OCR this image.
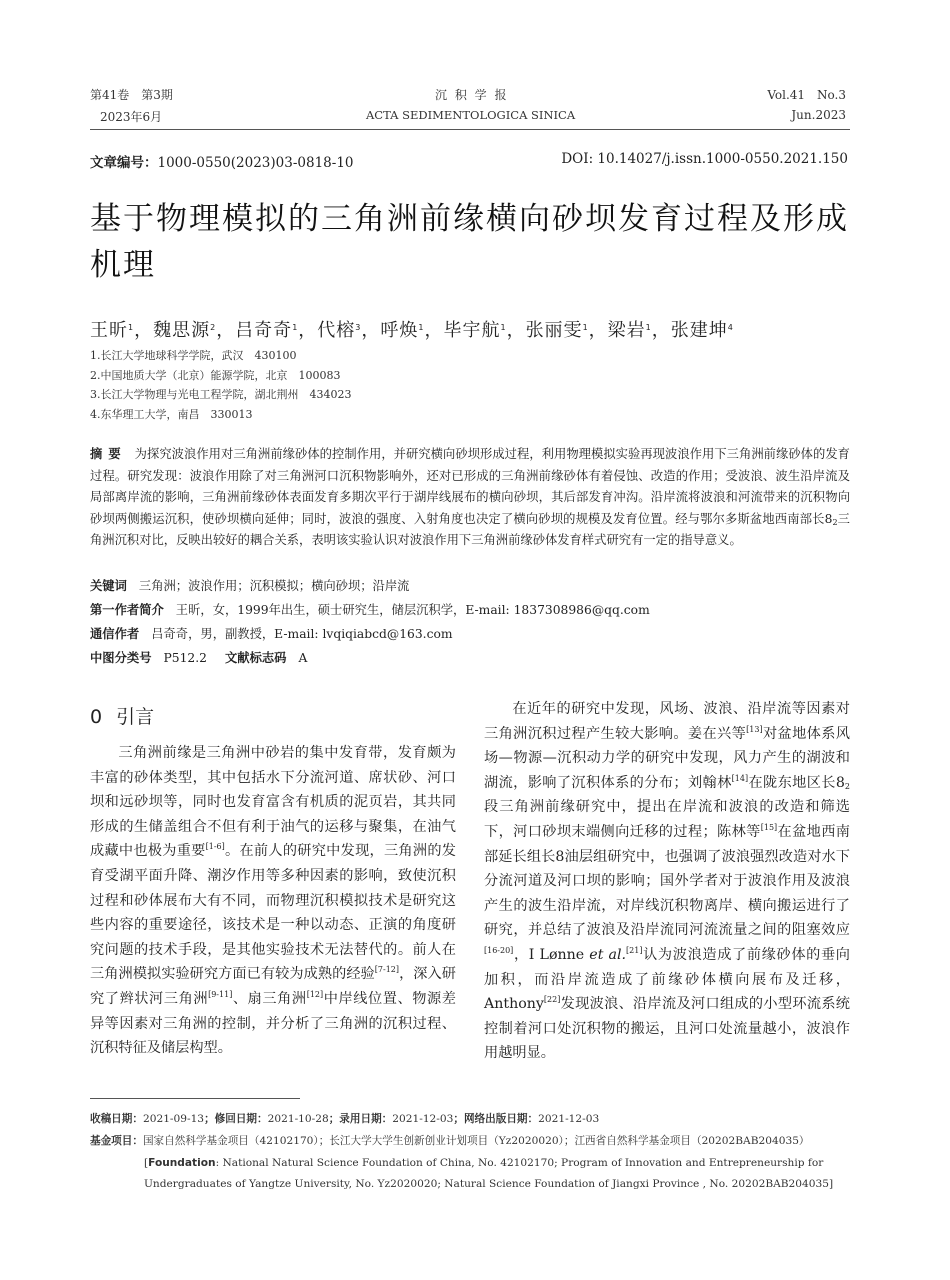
第41卷　第3期
2023年6月
沉 积 学 报
ACTA SEDIMENTOLOGICA SINICA
Vol.41　No.3
Jun.2023
文章编号：1000-0550(2023)03-0818-10	DOI: 10.14027/j.issn.1000-0550.2021.150
基于物理模拟的三角洲前缘横向砂坝发育过程及形成机理
王昕$^1$，魏思源$^2$，吕奇奇$^1$，代榕$^3$，呼焕$^1$，毕宇航$^1$，张丽雯$^1$，梁岩$^1$，张建坤$^4$
1.长江大学地球科学学院，武汉　430100
2.中国地质大学（北京）能源学院，北京　100083
3.长江大学物理与光电工程学院，湖北荆州　434023
4.东华理工大学，南昌　330013
摘要 为探究波浪作用对三角洲前缘砂体的控制作用，并研究横向砂坝形成过程，利用物理模拟实验再现波浪作用下三角洲前缘砂体的发育过程。研究发现：波浪作用除了对三角洲河口沉积物影响外，还对已形成的三角洲前缘砂体有着侵蚀、改造的作用；受波浪、波生沿岸流及局部离岸流的影响，三角洲前缘砂体表面发育多期次平行于湖岸线展布的横向砂坝，其后部发育冲沟。沿岸流将波浪和河流带来的沉积物向砂坝两侧搬运沉积，使砂坝横向延伸；同时，波浪的强度、入射角度也决定了横向砂坝的规模及发育位置。经与鄂尔多斯盆地西南部长$8_2$三角洲沉积对比，反映出较好的耦合关系，表明该实验认识对波浪作用下三角洲前缘砂体发育样式研究有一定的指导意义。
关键词 三角洲；波浪作用；沉积模拟；横向砂坝；沿岸流
第一作者简介 王昕，女，1999年出生，硕士研究生，储层沉积学，E-mail: 1837308986@qq.com
通信作者 吕奇奇，男，副教授，E-mail: lvqiqiabcd@163.com
中图分类号 P512.2 文献标志码 A
0 引言

三角洲前缘是三角洲中砂岩的集中发育带，发育颇为丰富的砂体类型，其中包括水下分流河道、席状砂、河口坝和远砂坝等，同时也发育富含有机质的泥页岩，其共同形成的生储盖组合不但有利于油气的运移与聚集，在油气成藏中也极为重要[1-6]。在前人的研究中发现，三角洲的发育受湖平面升降、潮汐作用等多种因素的影响，致使沉积过程和砂体展布大有不同，而物理沉积模拟技术是研究这些内容的重要途径，该技术是一种以动态、正演的角度研究问题的技术手段，是其他实验技术无法替代的。前人在三角洲模拟实验研究方面已有较为成熟的经验[7-12]，深入研究了辫状河三角洲[9-11]、扇三角洲[12]中岸线位置、物源差异等因素对三角洲的控制，并分析了三角洲的沉积过程、沉积特征及储层构型。

在近年的研究中发现，风场、波浪、沿岸流等因素对三角洲沉积过程产生较大影响。姜在兴等[13]对盆地体系风场—物源—沉积动力学的研究中发现，风力产生的湖波和湖流，影响了沉积体系的分布；刘翰林[14]在陇东地区长$8_2$段三角洲前缘研究中，提出在岸流和波浪的改造和筛选下，河口砂坝末端侧向迁移的过程；陈林等[15]在盆地西南部延长组长8油层组研究中，也强调了波浪强烈改造对水下分流河道及河口坝的影响；国外学者对于波浪作用及波浪产生的波生沿岸流，对岸线沉积物离岸、横向搬运进行了研究，并总结了波浪及沿岸流同河流流量之间的阻塞效应[16-20]，I Lønne et al.[21]认为波浪造成了前缘砂体的垂向加积，而沿岸流造成了前缘砂体横向展布及迁移，Anthony[22]发现波浪、沿岸流及河口组成的小型环流系统控制着河口处沉积物的搬运，且河口处流量越小，波浪作用越明显。

收稿日期：2021-09-13；修回日期：2021-10-28；录用日期：2021-12-03；网络出版日期：2021-12-03
基金项目：国家自然科学基金项目（42102170）；长江大学大学生创新创业计划项目（Yz2020020）；江西省自然科学基金项目（20202BAB204035）
[Foundation: National Natural Science Foundation of China, No. 42102170; Program of Innovation and Entrepreneurship for Undergraduates of Yangtze University, No. Yz2020020; Natural Science Foundation of Jiangxi Province , No. 20202BAB204035]
